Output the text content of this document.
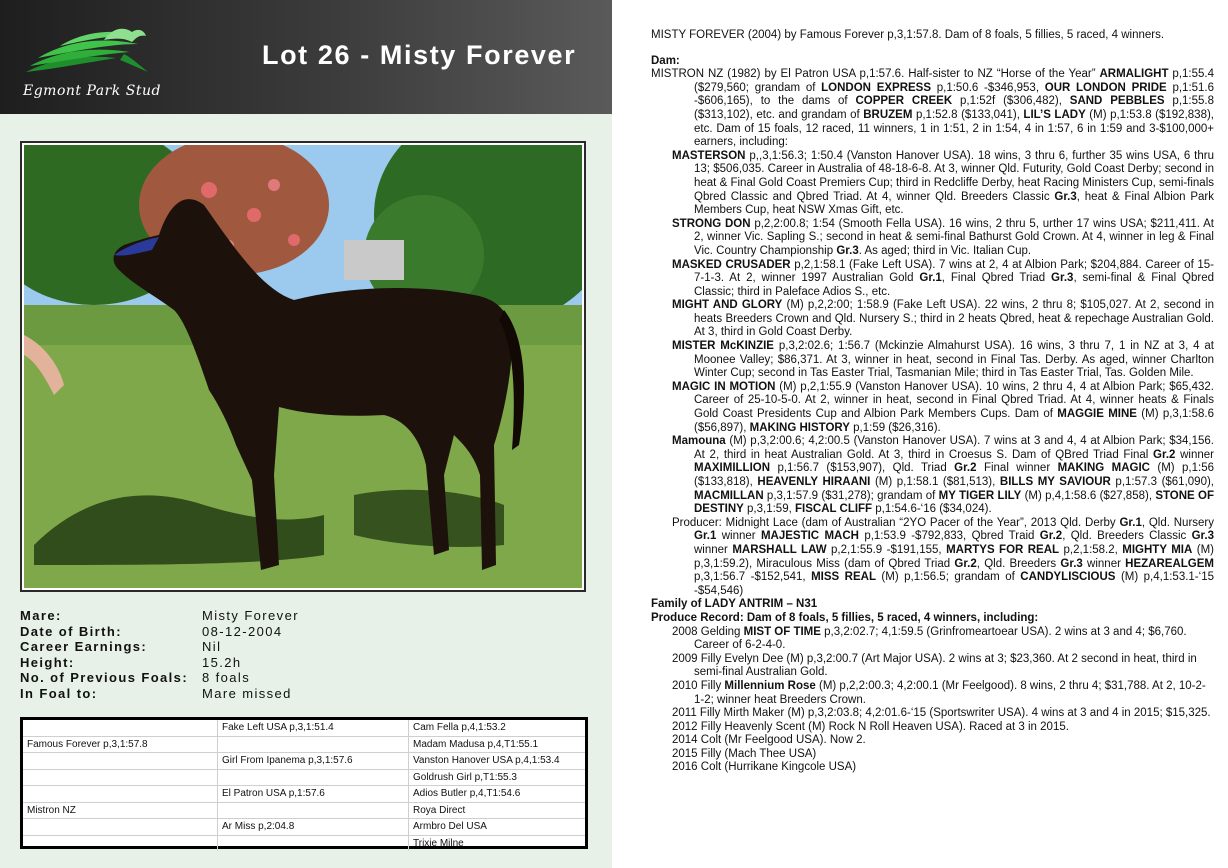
Egmont Park Stud
Lot 26 - Misty Forever
Mare:	Misty Forever
Date of Birth:	08-12-2004
Career Earnings:	Nil
Height:	15.2h
No. of Previous Foals:	8 foals
In Foal to:	Mare missed
	Fake Left USA p,3,1:51.4	Cam Fella p,4,1:53.2
Famous Forever p,3,1:57.8		Madam Madusa p,4,T1:55.1
	Girl From Ipanema p,3,1:57.6	Vanston Hanover USA p,4,1:53.4
		Goldrush Girl p,T1:55.3
	El Patron USA p,1:57.6	Adios Butler p,4,T1:54.6
Mistron NZ		Roya Direct
	Ar Miss p,2:04.8	Armbro Del USA
		Trixie Milne

MISTY FOREVER (2004) by Famous Forever p,3,1:57.8. Dam of 8 foals, 5 fillies, 5 raced, 4 winners.

Dam:

MISTRON NZ (1982) by El Patron USA p,1:57.6. Half-sister to NZ “Horse of the Year” ARMALIGHT p,1:55.4 ($279,560; grandam of LONDON EXPRESS p,1:50.6 -$346,953, OUR LONDON PRIDE p,1:51.6 -$606,165), to the dams of COPPER CREEK p,1:52f ($306,482), SAND PEBBLES p,1:55.8 ($313,102), etc. and grandam of BRUZEM p,1:52.8 ($133,041), LIL’S LADY (M) p,1:53.8 ($192,838), etc. Dam of 15 foals, 12 raced, 11 winners, 1 in 1:51, 2 in 1:54, 4 in 1:57, 6 in 1:59 and 3-$100,000+ earners, including:

MASTERSON p,,3,1:56.3; 1:50.4 (Vanston Hanover USA). 18 wins, 3 thru 6, further 35 wins USA, 6 thru 13; $506,035. Career in Australia of 48-18-6-8. At 3, winner Qld. Futurity, Gold Coast Derby; second in heat & Final Gold Coast Premiers Cup; third in Redcliffe Derby, heat Racing Ministers Cup, semi-finals Qbred Classic and Qbred Triad. At 4, winner Qld. Breeders Classic Gr.3, heat & Final Albion Park Members Cup, heat NSW Xmas Gift, etc.

STRONG DON p,2,2:00.8; 1:54 (Smooth Fella USA). 16 wins, 2 thru 5, urther 17 wins USA; $211,411. At 2, winner Vic. Sapling S.; second in heat & semi-final Bathurst Gold Crown. At 4, winner in leg & Final Vic. Country Championship Gr.3. As aged; third in Vic. Italian Cup.

MASKED CRUSADER p,2,1:58.1 (Fake Left USA). 7 wins at 2, 4 at Albion Park; $204,884. Career of 15-7-1-3. At 2, winner 1997 Australian Gold Gr.1, Final Qbred Triad Gr.3, semi-final & Final Qbred Classic; third in Paleface Adios S., etc.

MIGHT AND GLORY (M) p,2,2:00; 1:58.9 (Fake Left USA). 22 wins, 2 thru 8; $105,027. At 2, second in heats Breeders Crown and Qld. Nursery S.; third in 2 heats Qbred, heat & repechage Australian Gold. At 3, third in Gold Coast Derby.

MISTER McKINZIE p,3,2:02.6; 1:56.7 (Mckinzie Almahurst USA). 16 wins, 3 thru 7, 1 in NZ at 3, 4 at Moonee Valley; $86,371. At 3, winner in heat, second in Final Tas. Derby. As aged, winner Charlton Winter Cup; second in Tas Easter Trial, Tasmanian Mile; third in Tas Easter Trial, Tas. Golden Mile.

MAGIC IN MOTION (M) p,2,1:55.9 (Vanston Hanover USA). 10 wins, 2 thru 4, 4 at Albion Park; $65,432. Career of 25-10-5-0. At 2, winner in heat, second in Final Qbred Triad. At 4, winner heats & Finals Gold Coast Presidents Cup and Albion Park Members Cups. Dam of MAGGIE MINE (M) p,3,1:58.6 ($56,897), MAKING HISTORY p,1:59 ($26,316).

Mamouna (M) p,3,2:00.6; 4,2:00.5 (Vanston Hanover USA). 7 wins at 3 and 4, 4 at Albion Park; $34,156. At 2, third in heat Australian Gold. At 3, third in Croesus S. Dam of QBred Triad Final Gr.2 winner MAXIMILLION p,1:56.7 ($153,907), Qld. Triad Gr.2 Final winner MAKING MAGIC (M) p,1:56 ($133,818), HEAVENLY HIRAANI (M) p,1:58.1 ($81,513), BILLS MY SAVIOUR p,1:57.3 ($61,090), MACMILLAN p,3,1:57.9 ($31,278); grandam of MY TIGER LILY (M) p,4,1:58.6 ($27,858), STONE OF DESTINY p,3,1:59, FISCAL CLIFF p,1:54.6-‘16 ($34,024).

Producer: Midnight Lace (dam of Australian “2YO Pacer of the Year”, 2013 Qld. Derby Gr.1, Qld. Nursery Gr.1 winner MAJESTIC MACH p,1:53.9 -$792,833, Qbred Traid Gr.2, Qld. Breeders Classic Gr.3 winner MARSHALL LAW p,2,1:55.9 -$191,155, MARTYS FOR REAL p,2,1:58.2, MIGHTY MIA (M) p,3,1:59.2), Miraculous Miss (dam of Qbred Triad Gr.2, Qld. Breeders Gr.3 winner HEZAREALGEM p,3,1:56.7 -$152,541, MISS REAL (M) p,1:56.5; grandam of CANDYLISCIOUS (M) p,4,1:53.1-‘15 -$54,546)

Family of LADY ANTRIM – N31

Produce Record: Dam of 8 foals, 5 fillies, 5 raced, 4 winners, including:

2008 Gelding MIST OF TIME p,3,2:02.7; 4,1:59.5 (Grinfromeartoear USA). 2 wins at 3 and 4; $6,760. Career of 6-2-4-0.

2009 Filly Evelyn Dee (M) p,3,2:00.7 (Art Major USA). 2 wins at 3; $23,360. At 2 second in heat, third in semi-final Australian Gold.

2010 Filly Millennium Rose (M) p,2,2:00.3; 4,2:00.1 (Mr Feelgood). 8 wins, 2 thru 4; $31,788. At 2, 10-2-1-2; winner heat Breeders Crown.

2011 Filly Mirth Maker (M) p,3,2:03.8; 4,2:01.6-‘15 (Sportswriter USA). 4 wins at 3 and 4 in 2015; $15,325.

2012 Filly Heavenly Scent (M) Rock N Roll Heaven USA). Raced at 3 in 2015.

2014 Colt (Mr Feelgood USA). Now 2.

2015 Filly (Mach Thee USA)

2016 Colt (Hurrikane Kingcole USA)
